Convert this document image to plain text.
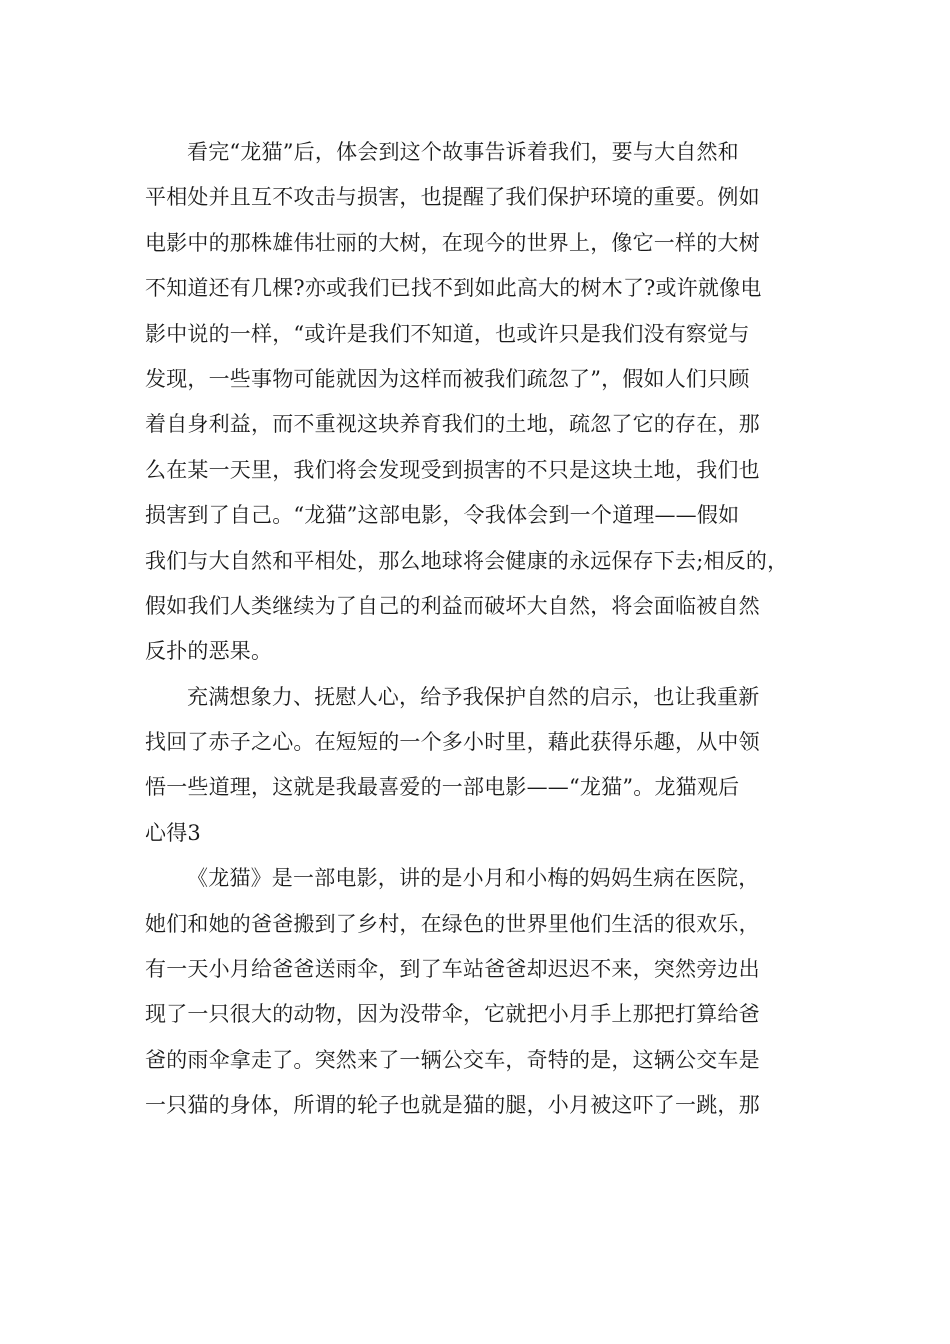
看完“龙猫”后，体会到这个故事告诉着我们，要与大自然和
平相处并且互不攻击与损害，也提醒了我们保护环境的重要。例如
电影中的那株雄伟壮丽的大树，在现今的世界上，像它一样的大树
不知道还有几棵?亦或我们已找不到如此高大的树木了?或许就像电
影中说的一样，“或许是我们不知道，也或许只是我们没有察觉与
发现，一些事物可能就因为这样而被我们疏忽了”，假如人们只顾
着自身利益，而不重视这块养育我们的土地，疏忽了它的存在，那
么在某一天里，我们将会发现受到损害的不只是这块土地，我们也
损害到了自己。“龙猫”这部电影，令我体会到一个道理——假如
我们与大自然和平相处，那么地球将会健康的永远保存下去;相反的，
假如我们人类继续为了自己的利益而破坏大自然，将会面临被自然
反扑的恶果。
充满想象力、抚慰人心，给予我保护自然的启示，也让我重新
找回了赤子之心。在短短的一个多小时里，藉此获得乐趣，从中领
悟一些道理，这就是我最喜爱的一部电影——“龙猫”。龙猫观后
心得3
《龙猫》是一部电影，讲的是小月和小梅的妈妈生病在医院，
她们和她的爸爸搬到了乡村，在绿色的世界里他们生活的很欢乐，
有一天小月给爸爸送雨伞，到了车站爸爸却迟迟不来，突然旁边出
现了一只很大的动物，因为没带伞，它就把小月手上那把打算给爸
爸的雨伞拿走了。突然来了一辆公交车，奇特的是，这辆公交车是
一只猫的身体，所谓的轮子也就是猫的腿，小月被这吓了一跳，那
